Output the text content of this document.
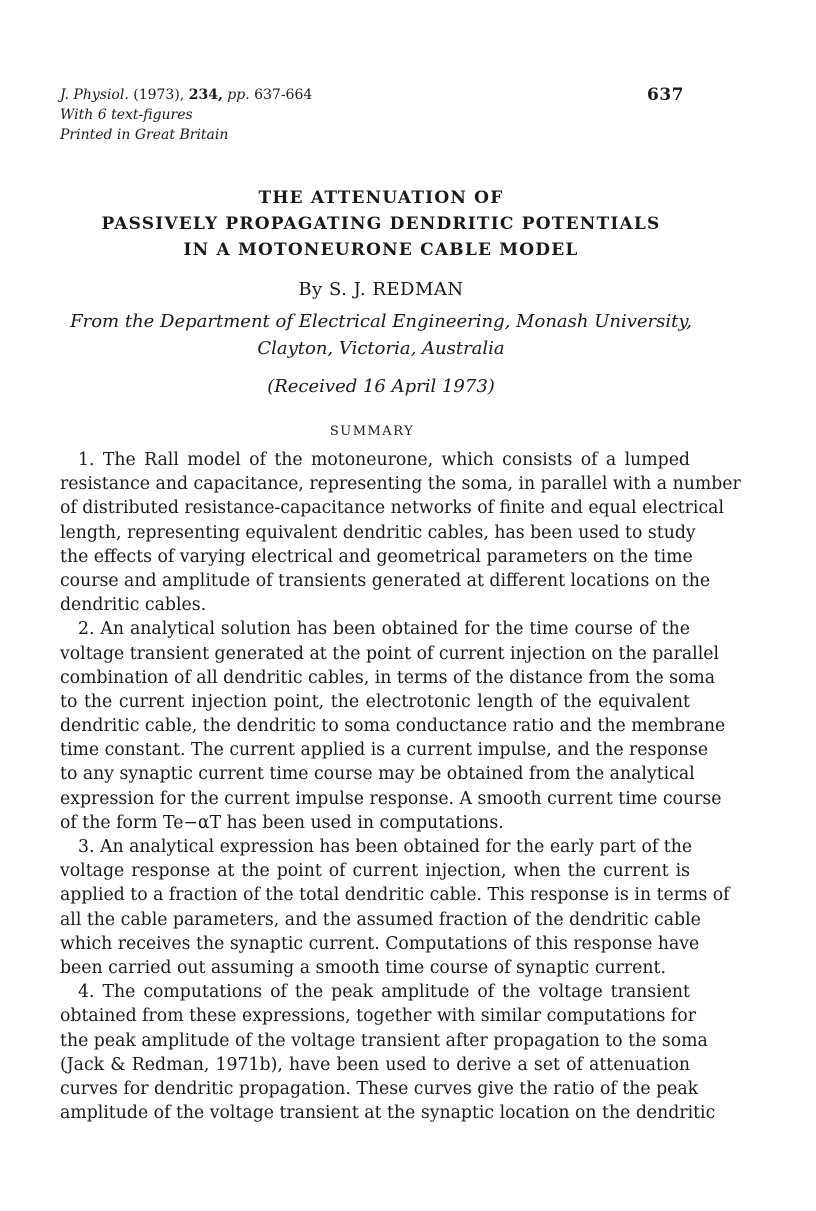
J. Physiol. (1973), 234, pp. 637-664
With 6 text-figures
Printed in Great Britain
637
THE ATTENUATION OF
PASSIVELY PROPAGATING DENDRITIC POTENTIALS
IN A MOTONEURONE CABLE MODEL
By S. J. REDMAN
From the Department of Electrical Engineering, Monash University,
Clayton, Victoria, Australia
(Received 16 April 1973)
SUMMARY
1. The Rall model of the motoneurone, which consists of a lumped
resistance and capacitance, representing the soma, in parallel with a number
of distributed resistance-capacitance networks of finite and equal electrical
length, representing equivalent dendritic cables, has been used to study
the effects of varying electrical and geometrical parameters on the time
course and amplitude of transients generated at different locations on the
dendritic cables.
2. An analytical solution has been obtained for the time course of the
voltage transient generated at the point of current injection on the parallel
combination of all dendritic cables, in terms of the distance from the soma
to the current injection point, the electrotonic length of the equivalent
dendritic cable, the dendritic to soma conductance ratio and the membrane
time constant. The current applied is a current impulse, and the response
to any synaptic current time course may be obtained from the analytical
expression for the current impulse response. A smooth current time course
of the form Te−αT has been used in computations.
3. An analytical expression has been obtained for the early part of the
voltage response at the point of current injection, when the current is
applied to a fraction of the total dendritic cable. This response is in terms of
all the cable parameters, and the assumed fraction of the dendritic cable
which receives the synaptic current. Computations of this response have
been carried out assuming a smooth time course of synaptic current.
4. The computations of the peak amplitude of the voltage transient
obtained from these expressions, together with similar computations for
the peak amplitude of the voltage transient after propagation to the soma
(Jack & Redman, 1971b), have been used to derive a set of attenuation
curves for dendritic propagation. These curves give the ratio of the peak
amplitude of the voltage transient at the synaptic location on the dendritic
